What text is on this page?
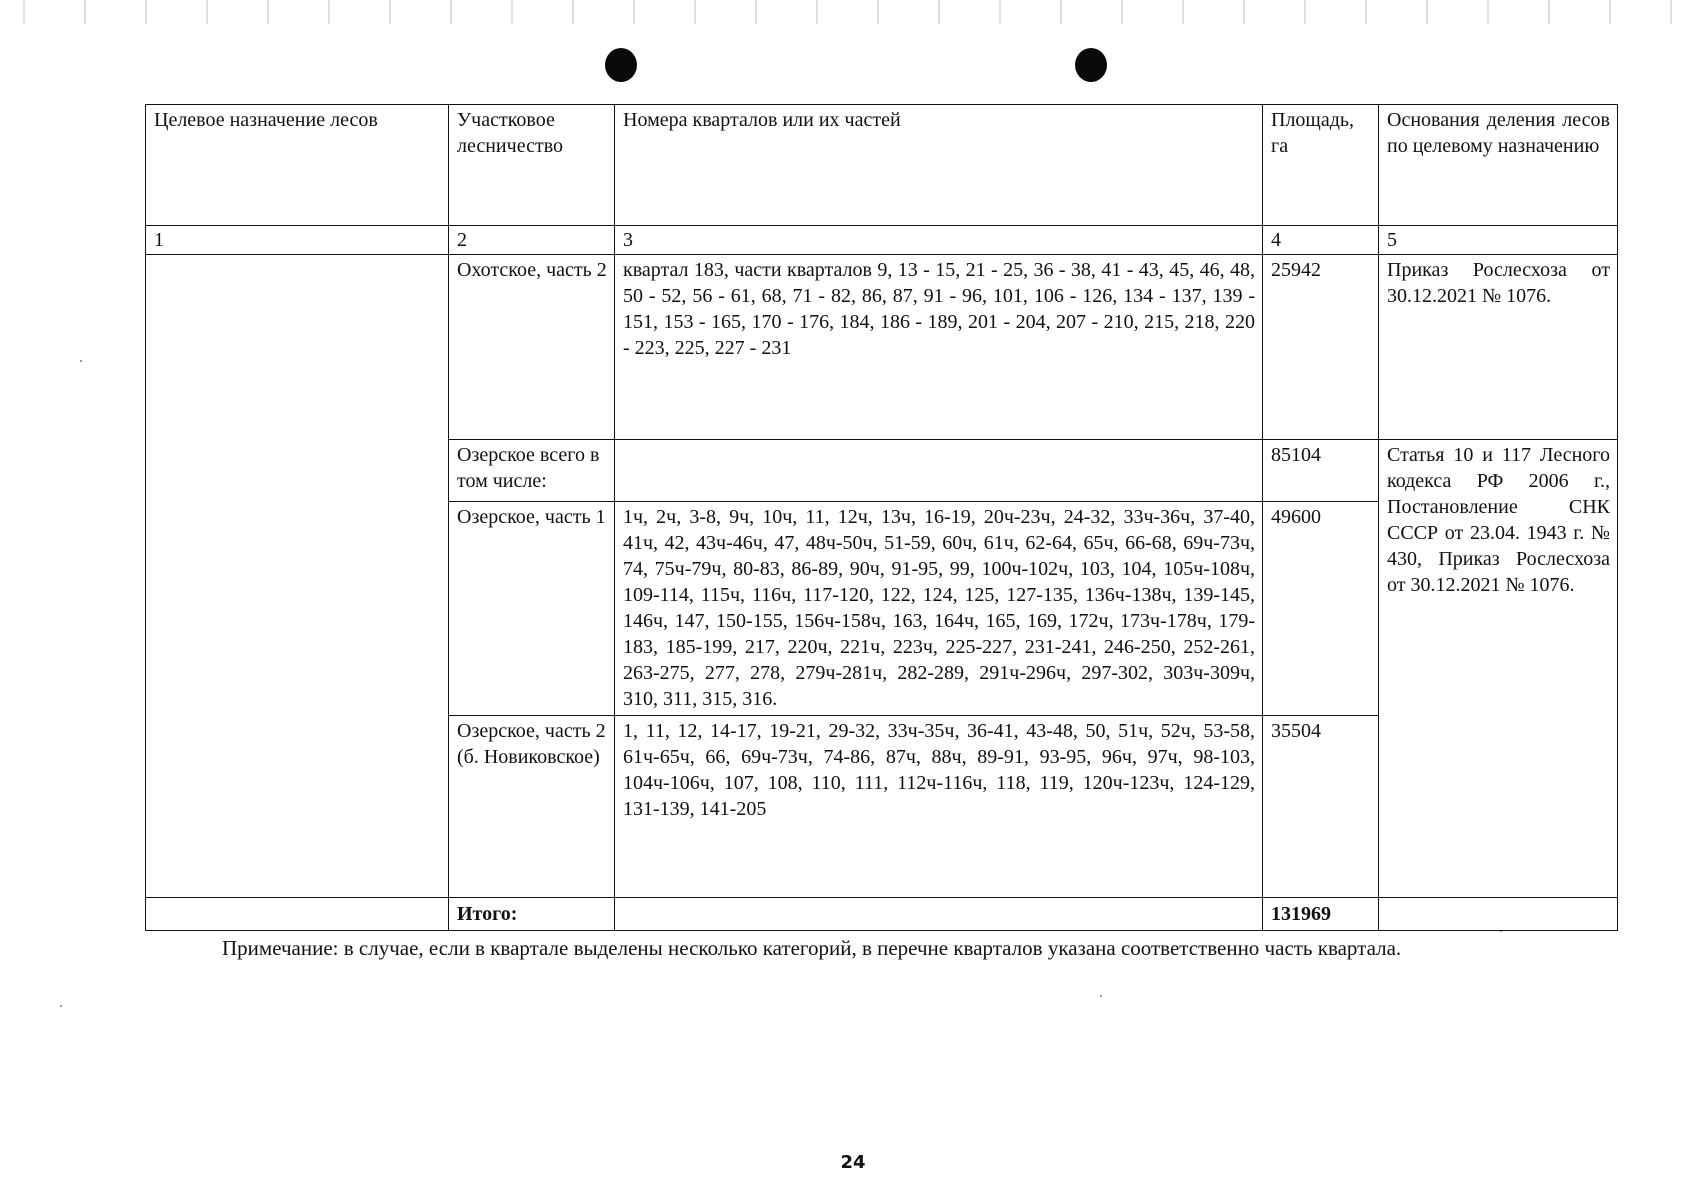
Целевое назначение лесов	Участковое лесничество	Номера кварталов или их частей	Площадь, га	Основания деления лесов по целевому назначению
1	2	3	4	5
	Охотское, часть 2	квартал 183, части кварталов 9, 13 - 15, 21 - 25, 36 - 38, 41 - 43, 45, 46, 48, 50 - 52, 56 - 61, 68, 71 - 82, 86, 87, 91 - 96, 101, 106 - 126, 134 - 137, 139 - 151, 153 - 165, 170 - 176, 184, 186 - 189, 201 - 204, 207 - 210, 215, 218, 220 - 223, 225, 227 - 231	25942	Приказ Рослесхоза от 30.12.2021 № 1076.
	Озерское всего в том числе:		85104	Статья 10 и 117 Лесного кодекса РФ 2006 г., Постановление СНК СССР от 23.04. 1943 г. № 430, Приказ Рослесхоза от 30.12.2021 № 1076.
	Озерское, часть 1	1ч, 2ч, 3-8, 9ч, 10ч, 11, 12ч, 13ч, 16-19, 20ч-23ч, 24-32, 33ч-36ч, 37-40, 41ч, 42, 43ч-46ч, 47, 48ч-50ч, 51-59, 60ч, 61ч, 62-64, 65ч, 66-68, 69ч-73ч, 74, 75ч-79ч, 80-83, 86-89, 90ч, 91-95, 99, 100ч-102ч, 103, 104, 105ч-108ч, 109-114, 115ч, 116ч, 117-120, 122, 124, 125, 127-135, 136ч-138ч, 139-145, 146ч, 147, 150-155, 156ч-158ч, 163, 164ч, 165, 169, 172ч, 173ч-178ч, 179-183, 185-199, 217, 220ч, 221ч, 223ч, 225-227, 231-241, 246-250, 252-261, 263-275, 277, 278, 279ч-281ч, 282-289, 291ч-296ч, 297-302, 303ч-309ч, 310, 311, 315, 316.	49600	
	Озерское, часть 2 (б. Новиковское)	1, 11, 12, 14-17, 19-21, 29-32, 33ч-35ч, 36-41, 43-48, 50, 51ч, 52ч, 53-58, 61ч-65ч, 66, 69ч-73ч, 74-86, 87ч, 88ч, 89-91, 93-95, 96ч, 97ч, 98-103, 104ч-106ч, 107, 108, 110, 111, 112ч-116ч, 118, 119, 120ч-123ч, 124-129, 131-139, 141-205	35504	
	Итого:		131969	
Примечание: в случае, если в квартале выделены несколько категорий, в перечне кварталов указана соответственно часть квартала.
24
